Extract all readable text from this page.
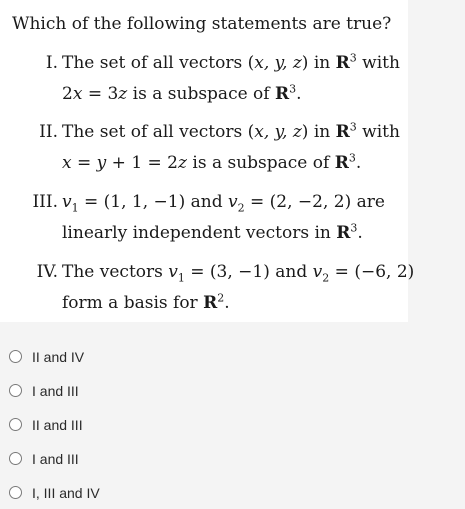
Which of the following statements are true?
I. The set of all vectors (x, y, z) in $R^3$ with
2x = 3z is a subspace of $R^3$.
II. The set of all vectors (x, y, z) in $R^3$ with
x = y + 1 = 2z is a subspace of $R^3$.
III. $v_1 = (1$, 1, −1) and $v_2 = (2$, −2, 2) are
linearly independent vectors in $R^3$.
IV. The vectors $v_1 = (3$, −1) and $v_2 = (-6$, 2)
form a basis for $R^2$.
II and IV
I and III
II and III
I and III
I, III and IV
